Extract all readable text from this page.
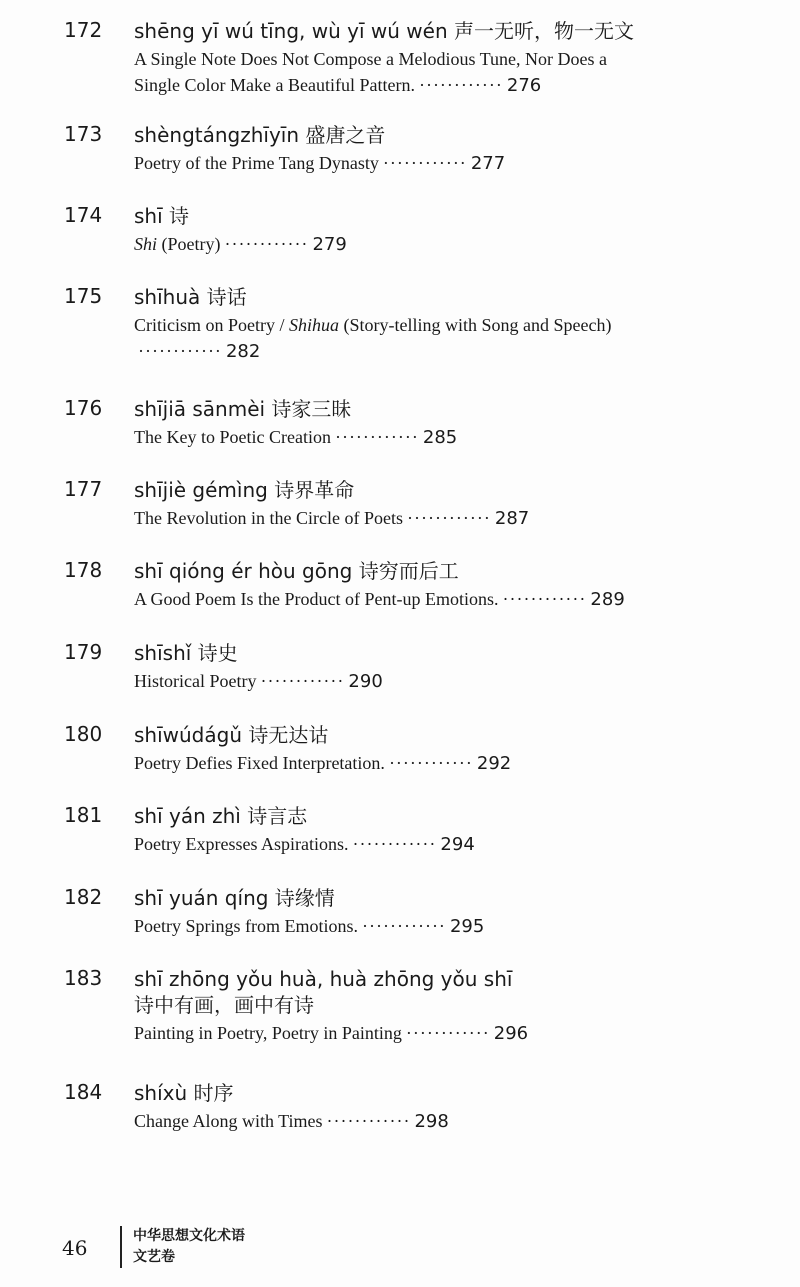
172 shēng yī wú tīng, wù yī wú wén 声一无听，物一无文
A Single Note Does Not Compose a Melodious Tune, Nor Does a
Single Color Make a Beautiful Pattern. ············ 276
173 shèngtángzhīyīn 盛唐之音
Poetry of the Prime Tang Dynasty ············ 277
174 shī 诗
Shi (Poetry) ············ 279
175 shīhuà 诗话
Criticism on Poetry / Shihua (Story-telling with Song and Speech)
············ 282
176 shījiā sānmèi 诗家三昧
The Key to Poetic Creation ············ 285
177 shījiè gémìng 诗界革命
The Revolution in the Circle of Poets ············ 287
178 shī qióng ér hòu gōng 诗穷而后工
A Good Poem Is the Product of Pent-up Emotions. ············ 289
179 shīshǐ 诗史
Historical Poetry ············ 290
180 shīwúdágǔ 诗无达诂
Poetry Defies Fixed Interpretation. ············ 292
181 shī yán zhì 诗言志
Poetry Expresses Aspirations. ············ 294
182 shī yuán qíng 诗缘情
Poetry Springs from Emotions. ············ 295
183 shī zhōng yǒu huà, huà zhōng yǒu shī
诗中有画，画中有诗
Painting in Poetry, Poetry in Painting ············ 296
184 shíxù 时序
Change Along with Times ············ 298
46	中华思想文化术语
文艺卷
